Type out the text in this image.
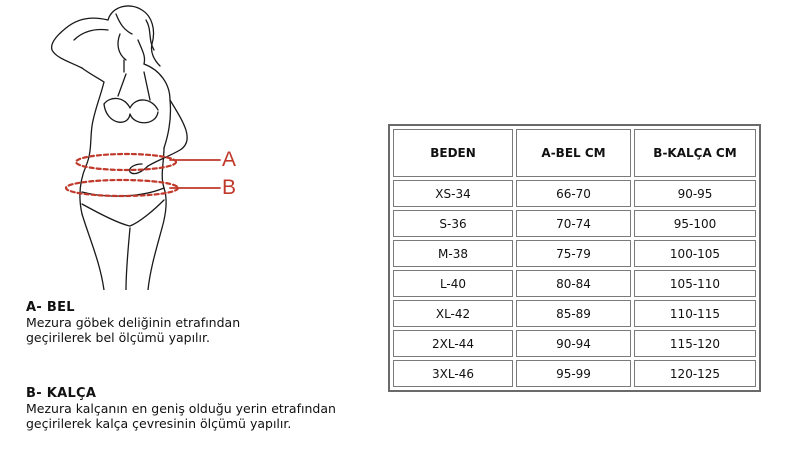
A
B
A- BEL
Mezura göbek deliğinin etrafından
geçirilerek bel ölçümü yapılır.
B- KALÇA
Mezura kalçanın en geniş olduğu yerin etrafından
geçirilerek kalça çevresinin ölçümü yapılır.
BEDEN	A-BEL CM	B-KALÇA CM
XS-34	66-70	90-95
S-36	70-74	95-100
M-38	75-79	100-105
L-40	80-84	105-110
XL-42	85-89	110-115
2XL-44	90-94	115-120
3XL-46	95-99	120-125
